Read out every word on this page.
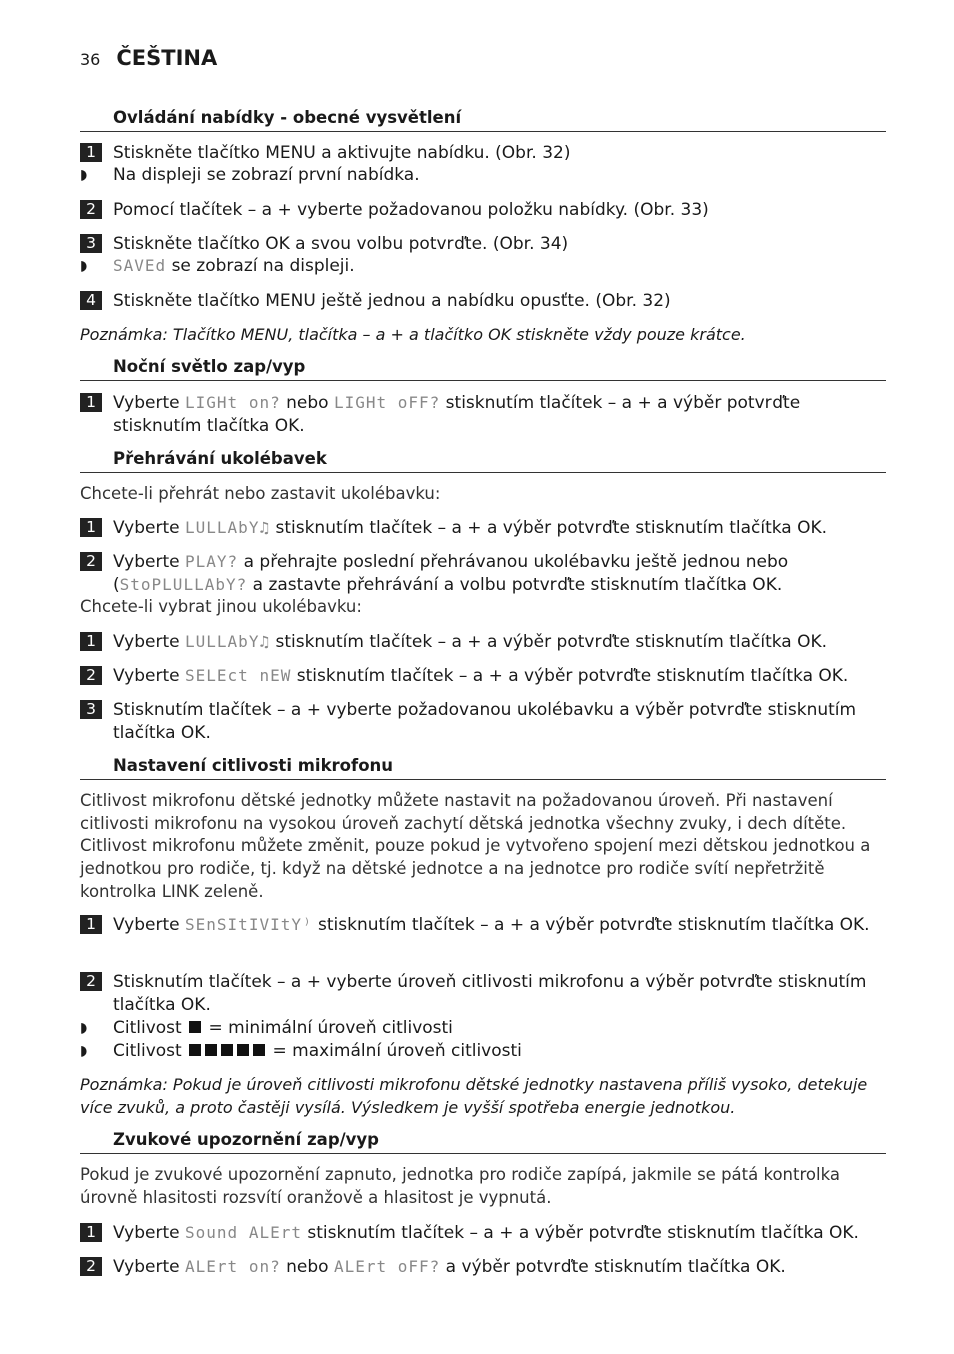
36 ČEŠTINA
Ovládání nabídky - obecné vysvětlení
1	Stiskněte tlačítko MENU a aktivujte nabídku. (Obr. 32)
◗ Na displeji se zobrazí první nabídka.
2	Pomocí tlačítek – a + vyberte požadovanou položku nabídky. (Obr. 33)
3	Stiskněte tlačítko OK a svou volbu potvrďte. (Obr. 34)
◗ SAVEd se zobrazí na displeji.
4	Stiskněte tlačítko MENU ještě jednou a nabídku opusťte. (Obr. 32)
Poznámka: Tlačítko MENU, tlačítka – a + a tlačítko OK stiskněte vždy pouze krátce.
Noční světlo zap/vyp
1	Vyberte LIGHt on? nebo LIGHt oFF? stisknutím tlačítek – a + a výběr potvrďte stisknutím tlačítka OK.
Přehrávání ukolébavek
Chcete-li přehrát nebo zastavit ukolébavku:
1	Vyberte LULLAbY♫ stisknutím tlačítek – a + a výběr potvrďte stisknutím tlačítka OK.
2	Vyberte PLAY? a přehrajte poslední přehrávanou ukolébavku ještě jednou nebo (StoPLULLAbY? a zastavte přehrávání a volbu potvrďte stisknutím tlačítka OK.
Chcete-li vybrat jinou ukolébavku:
1	Vyberte LULLAbY♫ stisknutím tlačítek – a + a výběr potvrďte stisknutím tlačítka OK.
2	Vyberte SELEct nEW stisknutím tlačítek – a + a výběr potvrďte stisknutím tlačítka OK.
3	Stisknutím tlačítek – a + vyberte požadovanou ukolébavku a výběr potvrďte stisknutím tlačítka OK.
Nastavení citlivosti mikrofonu
Citlivost mikrofonu dětské jednotky můžete nastavit na požadovanou úroveň. Při nastavení citlivosti mikrofonu na vysokou úroveň zachytí dětská jednotka všechny zvuky, i dech dítěte. Citlivost mikrofonu můžete změnit, pouze pokud je vytvořeno spojení mezi dětskou jednotkou a jednotkou pro rodiče, tj. když na dětské jednotce a na jednotce pro rodiče svítí nepřetržitě kontrolka LINK zeleně.
1	Vyberte SEnSItIVItY⁾ stisknutím tlačítek – a + a výběr potvrďte stisknutím tlačítka OK.
2	Stisknutím tlačítek – a + vyberte úroveň citlivosti mikrofonu a výběr potvrďte stisknutím tlačítka OK.
◗ Citlivost  = minimální úroveň citlivosti
◗ Citlivost	= maximální úroveň citlivosti
Poznámka: Pokud je úroveň citlivosti mikrofonu dětské jednotky nastavena příliš vysoko, detekuje více zvuků, a proto častěji vysílá. Výsledkem je vyšší spotřeba energie jednotkou.
Zvukové upozornění zap/vyp
Pokud je zvukové upozornění zapnuto, jednotka pro rodiče zapípá, jakmile se pátá kontrolka úrovně hlasitosti rozsvítí oranžově a hlasitost je vypnutá.
1	Vyberte Sound ALErt stisknutím tlačítek – a + a výběr potvrďte stisknutím tlačítka OK.
2	Vyberte ALErt on? nebo ALErt oFF? a výběr potvrďte stisknutím tlačítka OK.
